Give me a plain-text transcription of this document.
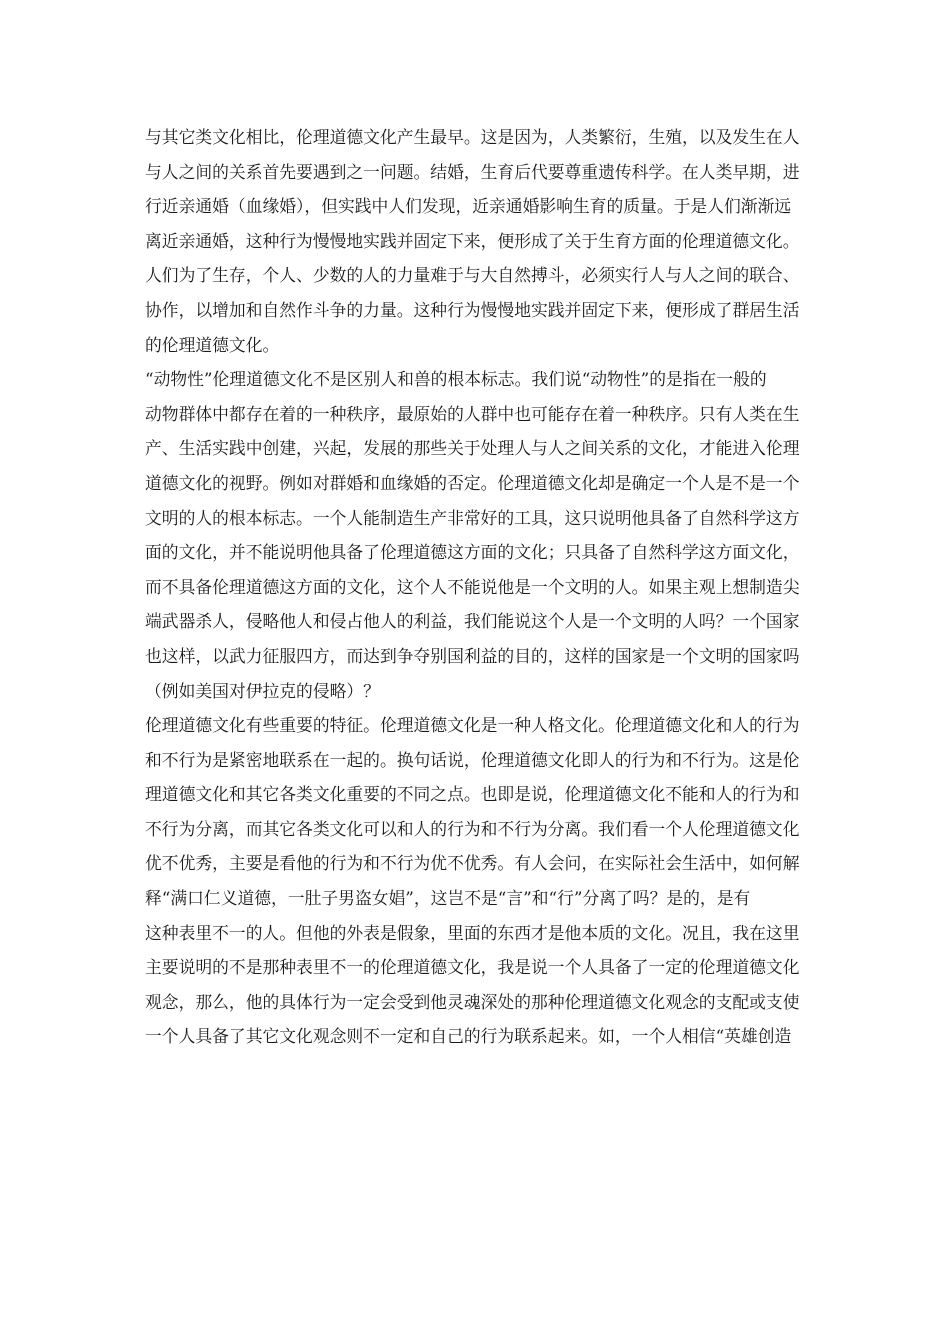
与其它类文化相比，伦理道德文化产生最早。这是因为，人类繁衍，生殖，以及发生在人
与人之间的关系首先要遇到之一问题。结婚，生育后代要尊重遗传科学。在人类早期，进
行近亲通婚（血缘婚），但实践中人们发现，近亲通婚影响生育的质量。于是人们渐渐远
离近亲通婚，这种行为慢慢地实践并固定下来，便形成了关于生育方面的伦理道德文化。
人们为了生存，个人、少数的人的力量难于与大自然搏斗，必须实行人与人之间的联合、
协作，以增加和自然作斗争的力量。这种行为慢慢地实践并固定下来，便形成了群居生活
的伦理道德文化。
“动物性”伦理道德文化不是区别人和兽的根本标志。我们说“动物性”的是指在一般的
动物群体中都存在着的一种秩序，最原始的人群中也可能存在着一种秩序。只有人类在生
产、生活实践中创建，兴起，发展的那些关于处理人与人之间关系的文化，才能进入伦理
道德文化的视野。例如对群婚和血缘婚的否定。伦理道德文化却是确定一个人是不是一个
文明的人的根本标志。一个人能制造生产非常好的工具，这只说明他具备了自然科学这方
面的文化，并不能说明他具备了伦理道德这方面的文化；只具备了自然科学这方面文化，
而不具备伦理道德这方面的文化，这个人不能说他是一个文明的人。如果主观上想制造尖
端武器杀人，侵略他人和侵占他人的利益，我们能说这个人是一个文明的人吗？一个国家
也这样，以武力征服四方，而达到争夺别国利益的目的，这样的国家是一个文明的国家吗
（例如美国对伊拉克的侵略）？
伦理道德文化有些重要的特征。伦理道德文化是一种人格文化。伦理道德文化和人的行为
和不行为是紧密地联系在一起的。换句话说，伦理道德文化即人的行为和不行为。这是伦
理道德文化和其它各类文化重要的不同之点。也即是说，伦理道德文化不能和人的行为和
不行为分离，而其它各类文化可以和人的行为和不行为分离。我们看一个人伦理道德文化
优不优秀，主要是看他的行为和不行为优不优秀。有人会问，在实际社会生活中，如何解
释“满口仁义道德，一肚子男盗女娼”，这岂不是“言”和“行”分离了吗？是的，是有
这种表里不一的人。但他的外表是假象，里面的东西才是他本质的文化。况且，我在这里
主要说明的不是那种表里不一的伦理道德文化，我是说一个人具备了一定的伦理道德文化
观念，那么，他的具体行为一定会受到他灵魂深处的那种伦理道德文化观念的支配或支使
一个人具备了其它文化观念则不一定和自己的行为联系起来。如，一个人相信“英雄创造
